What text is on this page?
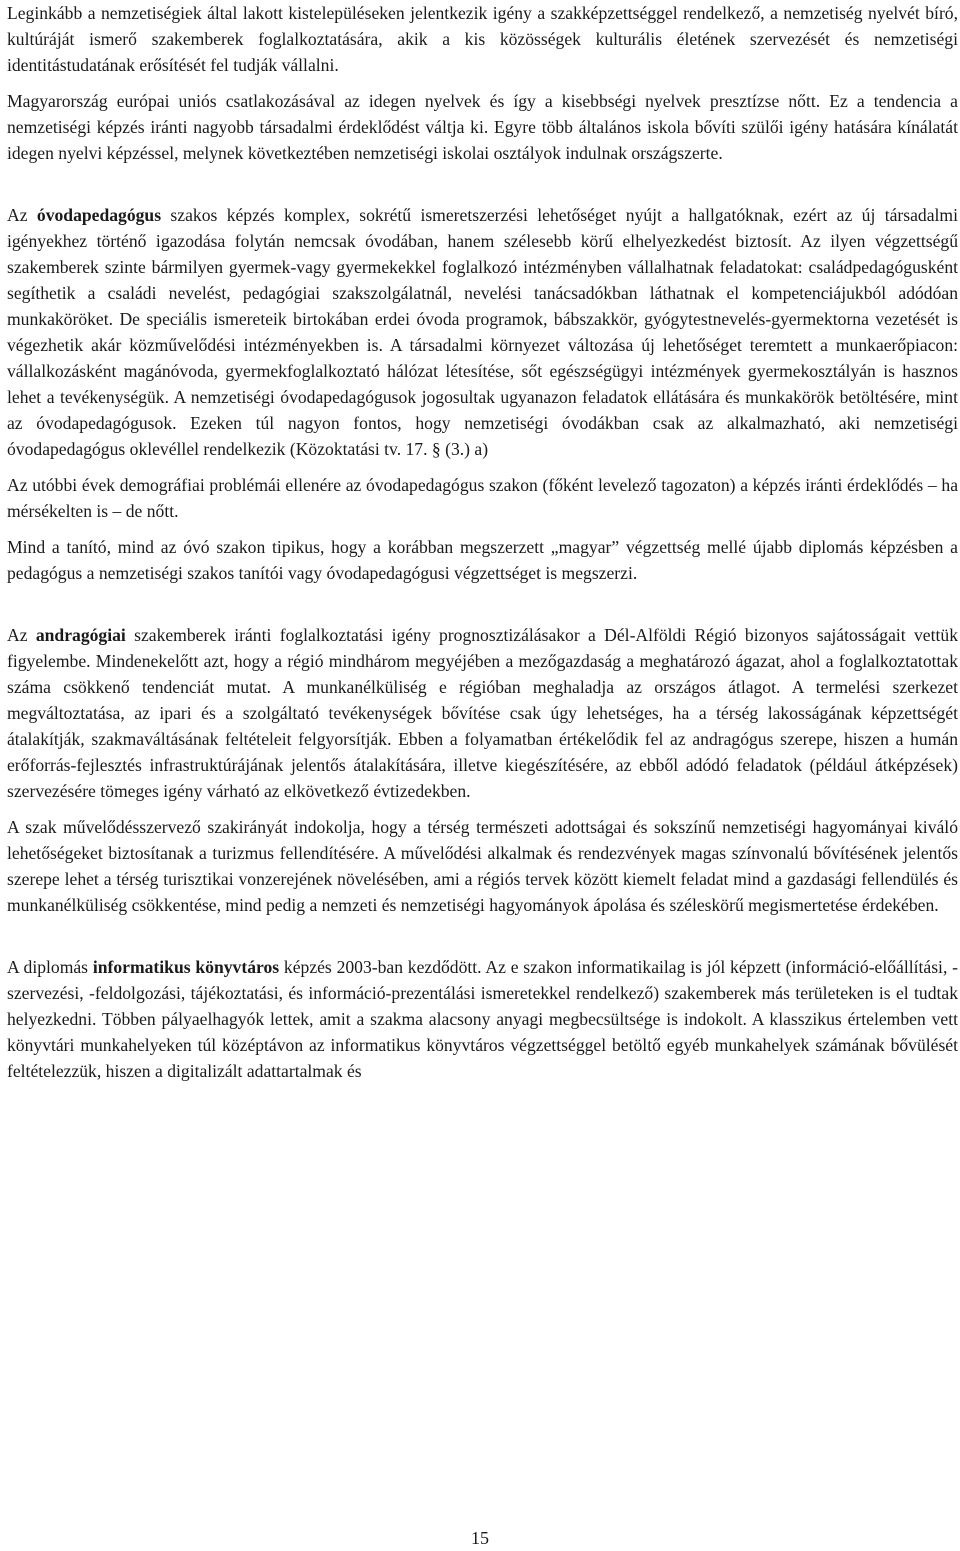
Leginkább a nemzetiségiek által lakott kistelepüléseken jelentkezik igény a szakképzettséggel rendelkező, a nemzetiség nyelvét bíró, kultúráját ismerő szakemberek foglalkoztatására, akik a kis közösségek kulturális életének szervezését és nemzetiségi identitástudatának erősítését fel tudják vállalni.

Magyarország európai uniós csatlakozásával az idegen nyelvek és így a kisebbségi nyelvek presztízse nőtt. Ez a tendencia a nemzetiségi képzés iránti nagyobb társadalmi érdeklődést váltja ki. Egyre több általános iskola bővíti szülői igény hatására kínálatát idegen nyelvi képzéssel, melynek következtében nemzetiségi iskolai osztályok indulnak országszerte.

Az óvodapedagógus szakos képzés komplex, sokrétű ismeretszerzési lehetőséget nyújt a hallgatóknak, ezért az új társadalmi igényekhez történő igazodása folytán nemcsak óvodában, hanem szélesebb körű elhelyezkedést biztosít. Az ilyen végzettségű szakemberek szinte bármilyen gyermek-vagy gyermekekkel foglalkozó intézményben vállalhatnak feladatokat: családpedagógusként segíthetik a családi nevelést, pedagógiai szakszolgálatnál, nevelési tanácsadókban láthatnak el kompetenciájukból adódóan munkaköröket. De speciális ismereteik birtokában erdei óvoda programok, bábszakkör, gyógytestnevelés-gyermektorna vezetését is végezhetik akár közművelődési intézményekben is. A társadalmi környezet változása új lehetőséget teremtett a munkaerőpiacon: vállalkozásként magánóvoda, gyermekfoglalkoztató hálózat létesítése, sőt egészségügyi intézmények gyermekosztályán is hasznos lehet a tevékenységük. A nemzetiségi óvodapedagógusok jogosultak ugyanazon feladatok ellátására és munkakörök betöltésére, mint az óvodapedagógusok. Ezeken túl nagyon fontos, hogy nemzetiségi óvodákban csak az alkalmazható, aki nemzetiségi óvodapedagógus oklevéllel rendelkezik (Közoktatási tv. 17. § (3.) a)

Az utóbbi évek demográfiai problémái ellenére az óvodapedagógus szakon (főként levelező tagozaton) a képzés iránti érdeklődés – ha mérsékelten is – de nőtt.

Mind a tanító, mind az óvó szakon tipikus, hogy a korábban megszerzett „magyar” végzettség mellé újabb diplomás képzésben a pedagógus a nemzetiségi szakos tanítói vagy óvodapedagógusi végzettséget is megszerzi.

Az andragógiai szakemberek iránti foglalkoztatási igény prognosztizálásakor a Dél-Alföldi Régió bizonyos sajátosságait vettük figyelembe. Mindenekelőtt azt, hogy a régió mindhárom megyéjében a mezőgazdaság a meghatározó ágazat, ahol a foglalkoztatottak száma csökkenő tendenciát mutat. A munkanélküliség e régióban meghaladja az országos átlagot. A termelési szerkezet megváltoztatása, az ipari és a szolgáltató tevékenységek bővítése csak úgy lehetséges, ha a térség lakosságának képzettségét átalakítják, szakmaváltásának feltételeit felgyorsítják. Ebben a folyamatban értékelődik fel az andragógus szerepe, hiszen a humán erőforrás-fejlesztés infrastruktúrájának jelentős átalakítására, illetve kiegészítésére, az ebből adódó feladatok (például átképzések) szervezésére tömeges igény várható az elkövetkező évtizedekben.

A szak művelődésszervező szakirányát indokolja, hogy a térség természeti adottságai és sokszínű nemzetiségi hagyományai kiváló lehetőségeket biztosítanak a turizmus fellendítésére. A művelődési alkalmak és rendezvények magas színvonalú bővítésének jelentős szerepe lehet a térség turisztikai vonzerejének növelésében, ami a régiós tervek között kiemelt feladat mind a gazdasági fellendülés és munkanélküliség csökkentése, mind pedig a nemzeti és nemzetiségi hagyományok ápolása és széleskörű megismertetése érdekében.

A diplomás informatikus könyvtáros képzés 2003-ban kezdődött. Az e szakon informatikailag is jól képzett (információ-előállítási, -szervezési, -feldolgozási, tájékoztatási, és információ-prezentálási ismeretekkel rendelkező) szakemberek más területeken is el tudtak helyezkedni. Többen pályaelhagyók lettek, amit a szakma alacsony anyagi megbecsültsége is indokolt. A klasszikus értelemben vett könyvtári munkahelyeken túl középtávon az informatikus könyvtáros végzettséggel betöltő egyéb munkahelyek számának bővülését feltételezzük, hiszen a digitalizált adattartalmak és

15
